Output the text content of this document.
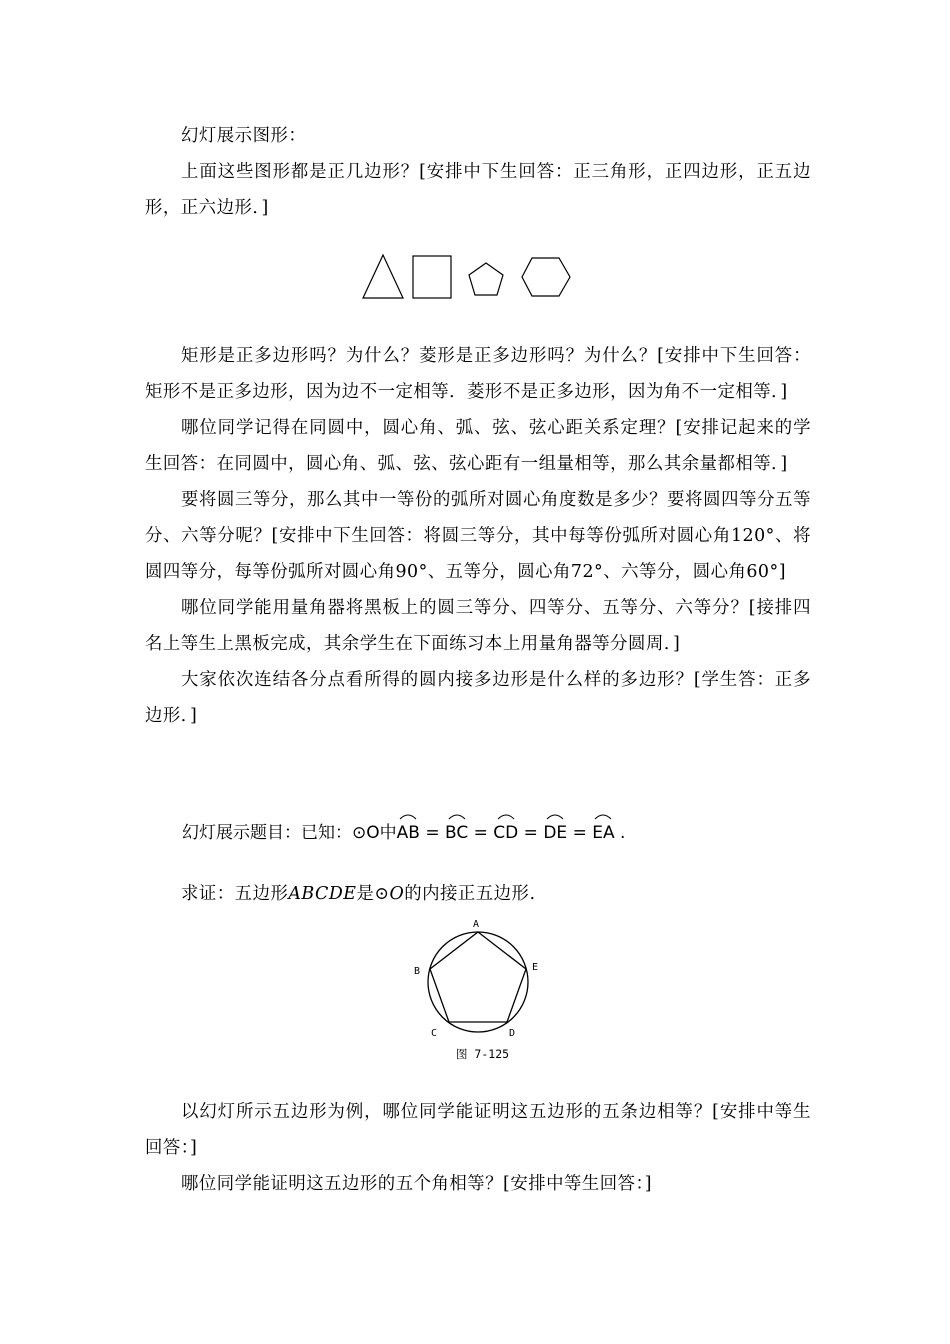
幻灯展示图形：

上面这些图形都是正几边形？[安排中下生回答：正三角形，正四边形，正五边形，正六边形．]

矩形是正多边形吗？为什么？菱形是正多边形吗？为什么？[安排中下生回答：矩形不是正多边形，因为边不一定相等．菱形不是正多边形，因为角不一定相等．]

哪位同学记得在同圆中，圆心角、弧、弦、弦心距关系定理？[安排记起来的学生回答：在同圆中，圆心角、弧、弦、弦心距有一组量相等，那么其余量都相等．]

要将圆三等分，那么其中一等份的弧所对圆心角度数是多少？要将圆四等分五等分、六等分呢？[安排中下生回答：将圆三等分，其中每等份弧所对圆心角120°、将圆四等分，每等份弧所对圆心角90°、五等分，圆心角72°、六等分，圆心角60°]

哪位同学能用量角器将黑板上的圆三等分、四等分、五等分、六等分？[接排四名上等生上黑板完成，其余学生在下面练习本上用量角器等分圆周．]

大家依次连结各分点看所得的圆内接多边形是什么样的多边形？[学生答：正多边形．]

幻灯展示题目：已知：⊙O中
AB = BC = CD = DE = EA .

求证：五边形ABCDE是⊙O的内接正五边形.

A
B
C	D
E
图 7-125

以幻灯所示五边形为例，哪位同学能证明这五边形的五条边相等？[安排中等生回答：]

哪位同学能证明这五边形的五个角相等？[安排中等生回答：]
